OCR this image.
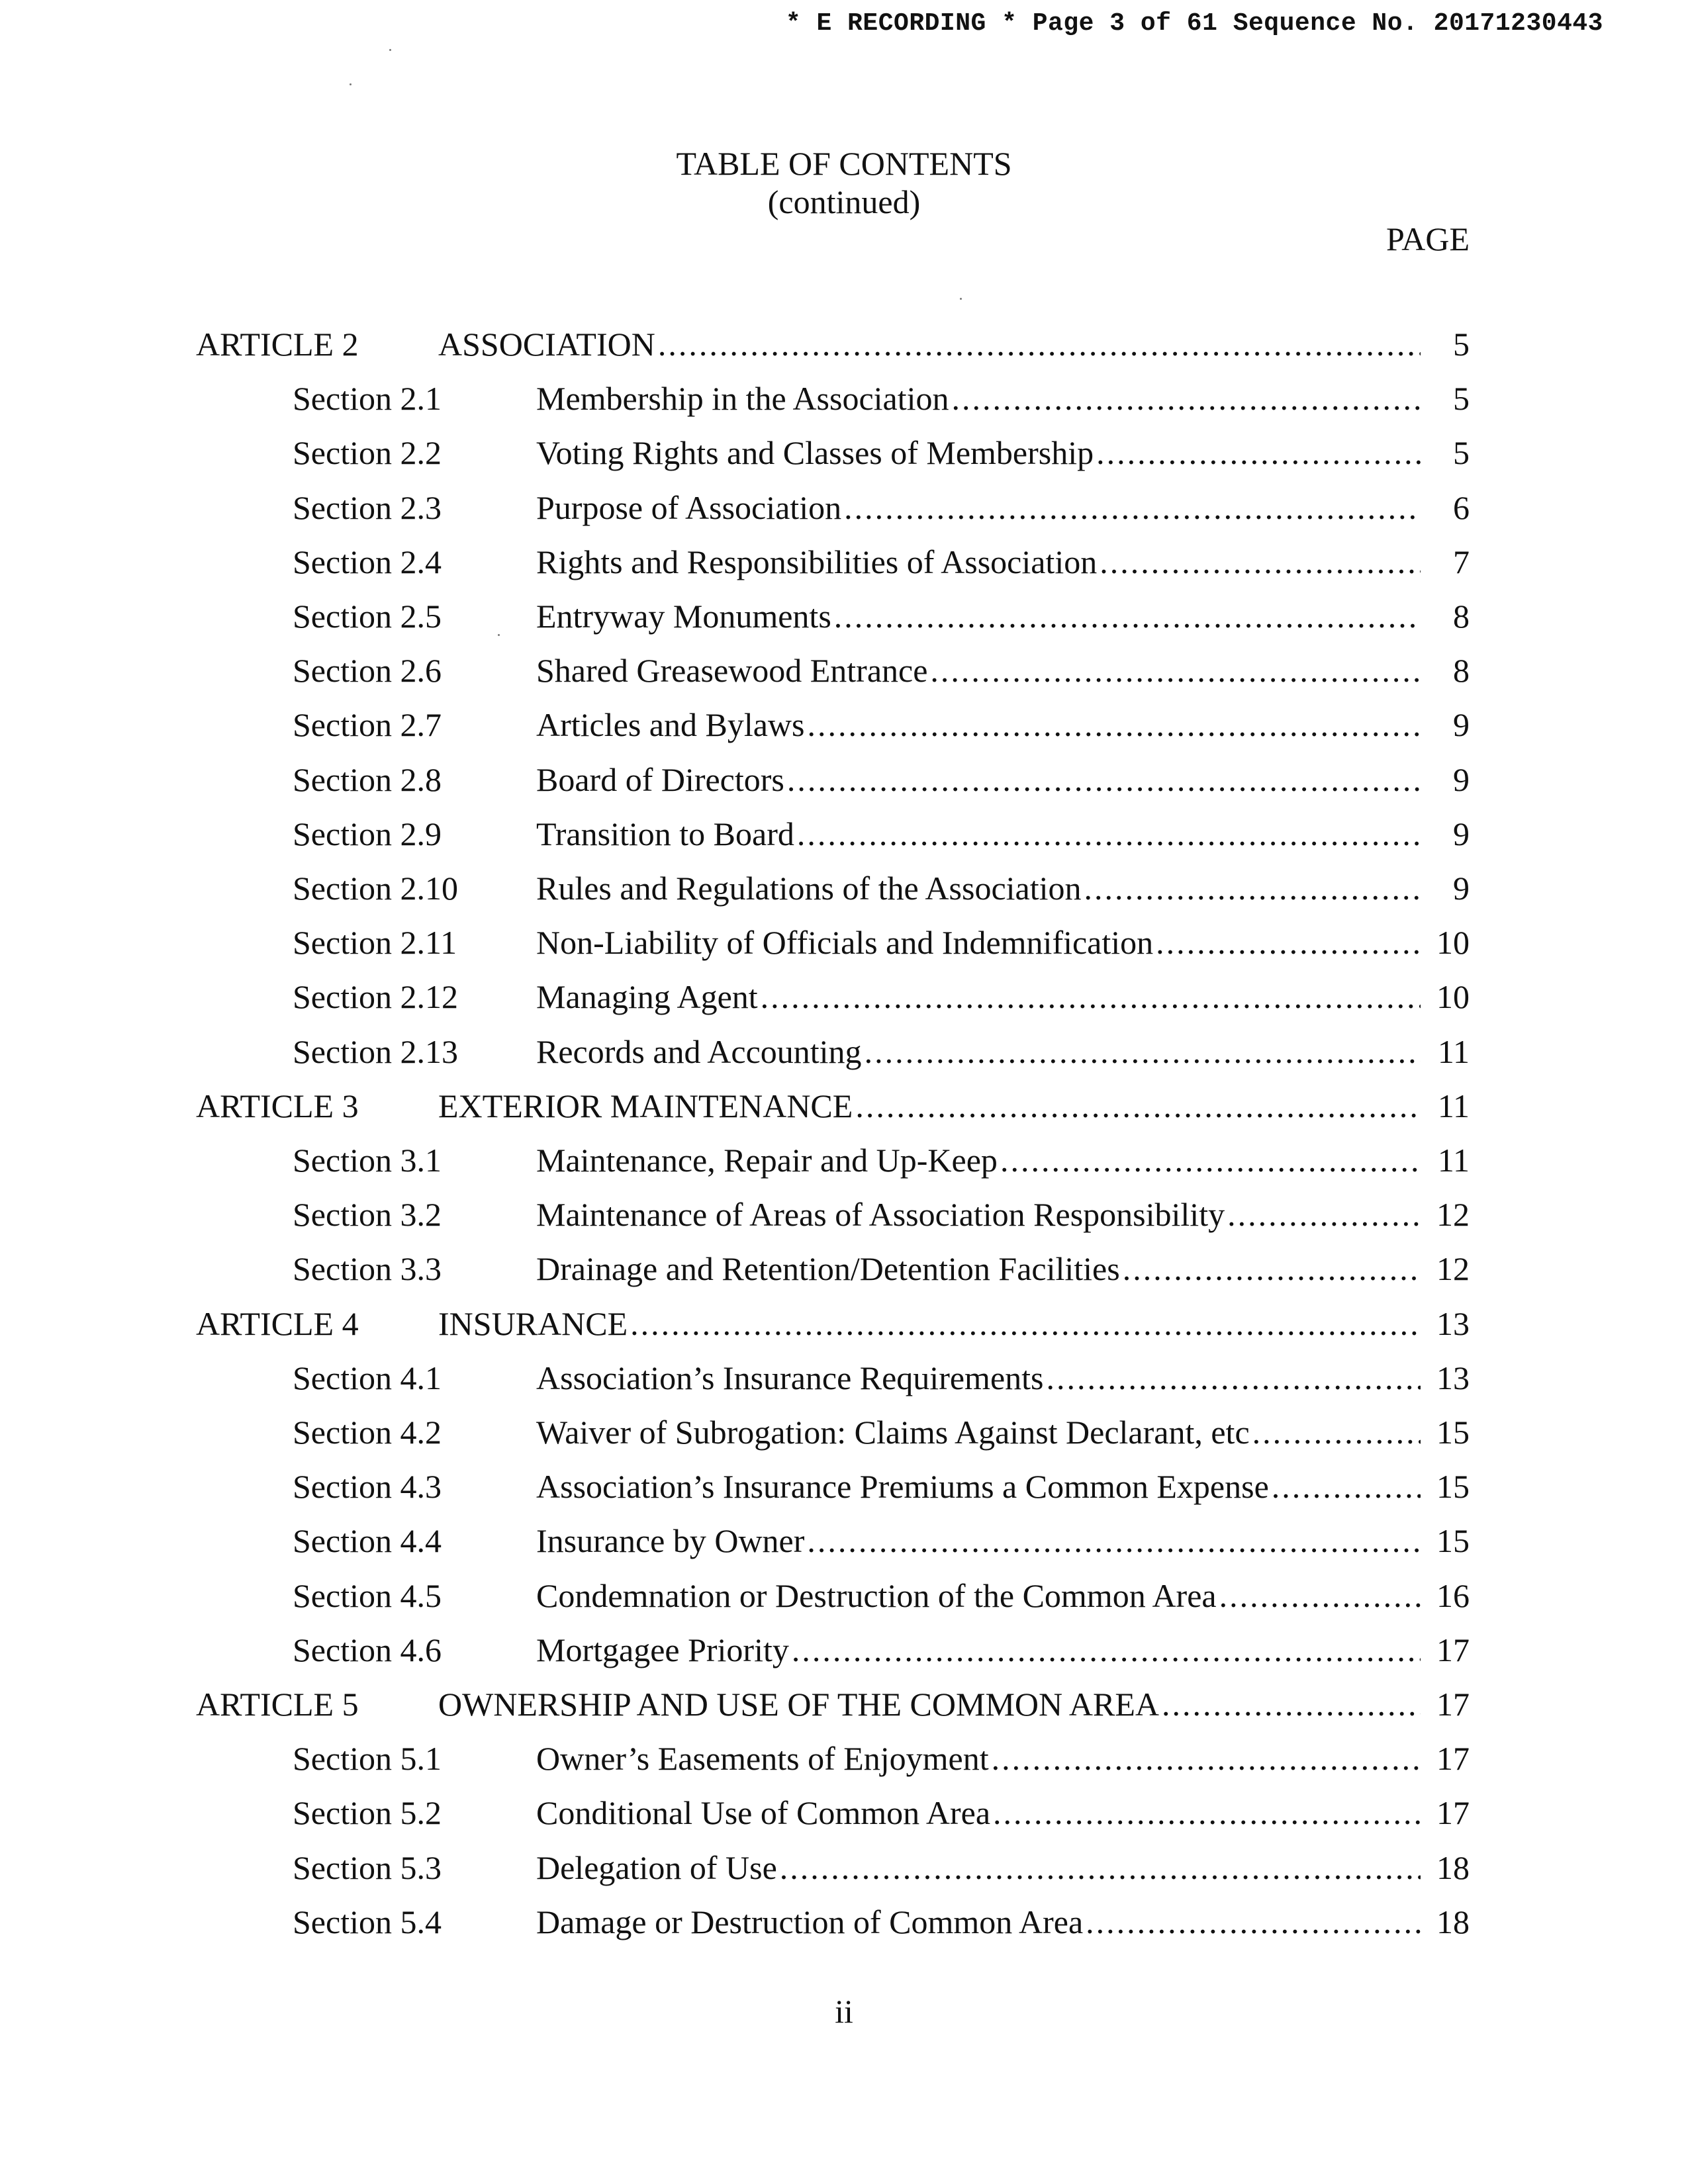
* E RECORDING * Page 3 of 61 Sequence No. 20171230443
TABLE OF CONTENTS
(continued)
PAGE
ARTICLE 2 ASSOCIATION .....	5
Section 2.1	Membership in the Association .....	5
Section 2.2	Voting Rights and Classes of Membership .....	5
Section 2.3	Purpose of Association .....	6
Section 2.4	Rights and Responsibilities of Association .....	7
Section 2.5	Entryway Monuments .....	8
Section 2.6	Shared Greasewood Entrance .....	8
Section 2.7	Articles and Bylaws .....	9
Section 2.8	Board of Directors .....	9
Section 2.9	Transition to Board .....	9
Section 2.10 Rules and Regulations of the Association .....	9
Section 2.11 Non-Liability of Officials and Indemnification .....	10
Section 2.12 Managing Agent .....	10
Section 2.13 Records and Accounting .....	11
ARTICLE 3 EXTERIOR MAINTENANCE .....	11
Section 3.1	Maintenance, Repair and Up-Keep .....	11
Section 3.2	Maintenance of Areas of Association Responsibility .....	12
Section 3.3	Drainage and Retention/Detention Facilities .....	12
ARTICLE 4 INSURANCE .....	13
Section 4.1	Association’s Insurance Requirements .....	13
Section 4.2	Waiver of Subrogation: Claims Against Declarant, etc .....	15
Section 4.3	Association’s Insurance Premiums a Common Expense .....	15
Section 4.4	Insurance by Owner .....	15
Section 4.5	Condemnation or Destruction of the Common Area .....	16
Section 4.6	Mortgagee Priority .....	17
ARTICLE 5 OWNERSHIP AND USE OF THE COMMON AREA .....	17
Section 5.1	Owner’s Easements of Enjoyment .....	17
Section 5.2	Conditional Use of Common Area .....	17
Section 5.3	Delegation of Use .....	18
Section 5.4	Damage or Destruction of Common Area .....	18
ii
